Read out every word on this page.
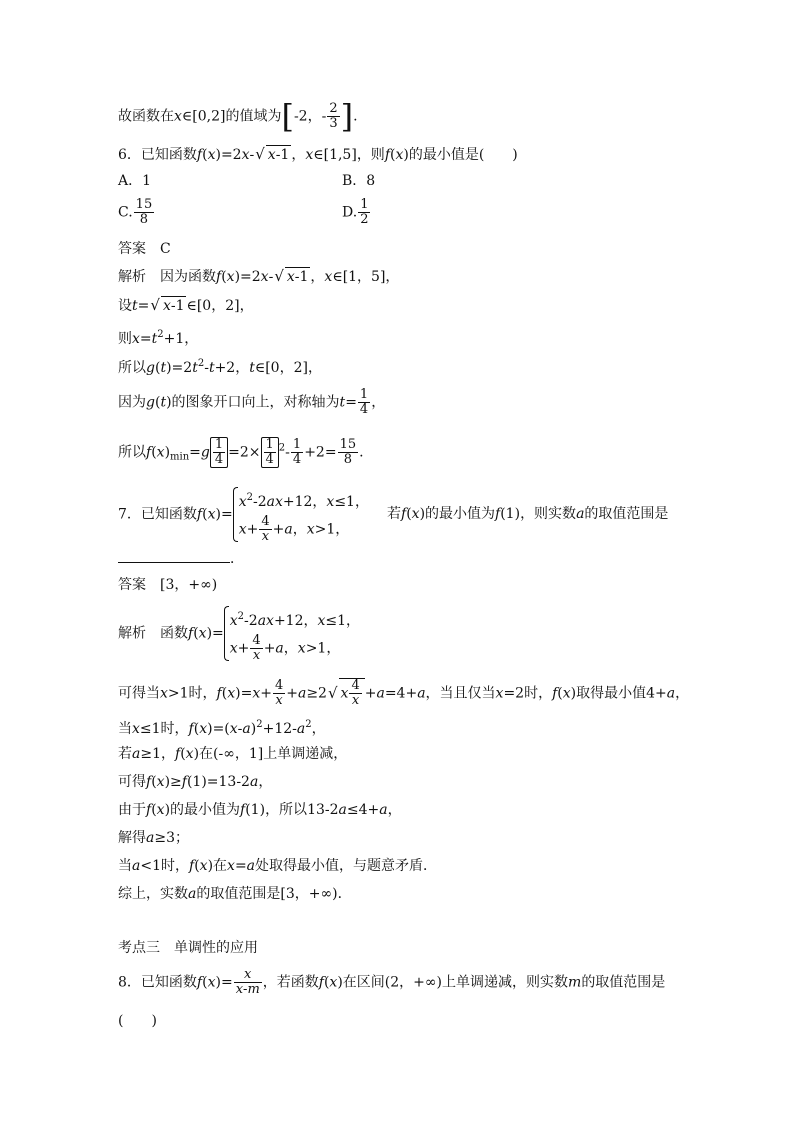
故函数在x∈[0,2]的值域为[-2，- $\frac{2}{3}$ ].
6．已知函数f(x)=2x-√ x-1 ，x∈[1,5]，则f(x)的最小值是(　　)
A．1	B．8
C. $\frac{15}{8}$	D. $\frac{1}{2}$
答案　 C
解析　 因为函数f(x)=2x-√ x-1 ，x∈[1，5]，
设t=√ x-1 ∈[0，2]，
则$x=t^2+1$，
所以$g(t)=2t^2-t+2$，t∈[0，2]，
因为g(t)的图象开口向上，对称轴为$t= \frac{1}{4}$ ，
所以$f(x)_{min}=g \frac{1}{4} =2\times \frac{1}{4} ^2- \frac{1}{4} +2= \frac{15}{8}$ .
7．已知函数f(x)=
$x^2-2ax+12$，x≤1，
$x+ \frac{4}{x} +a$，x>1，
若f(x)的最小值为f(1)，则实数a的取值范围是
．
答案　 [3，+∞)
解析　 函数f(x)=
$x^2-2ax+12$，x≤1，
$x+ \frac{4}{x} +a$，x>1，
可得当x>1时，$f(x)=x+ \frac{4}{x} +a\ge 2√$ x $\frac{4}{x} +a=4+a$，当且仅当x=2时，f(x)取得最小值4+a，
当x≤1时，$f(x)=(x-a)^2+12-a^2$，
若a≥1，f(x)在(-∞，1]上单调递减，
可得f(x)≥f(1)=13-2a，
由于f(x)的最小值为f(1)，所以13-2a≤4+a，
解得a≥3；
当a<1时，f(x)在x=a处取得最小值，与题意矛盾．
综上，实数a的取值范围是[3，+∞)．
考点三　单调性的应用
8．已知函数$f(x)= \frac{x}{x-m}$ ，若函数f(x)在区间(2，+∞)上单调递减，则实数m的取值范围是
(　　)
